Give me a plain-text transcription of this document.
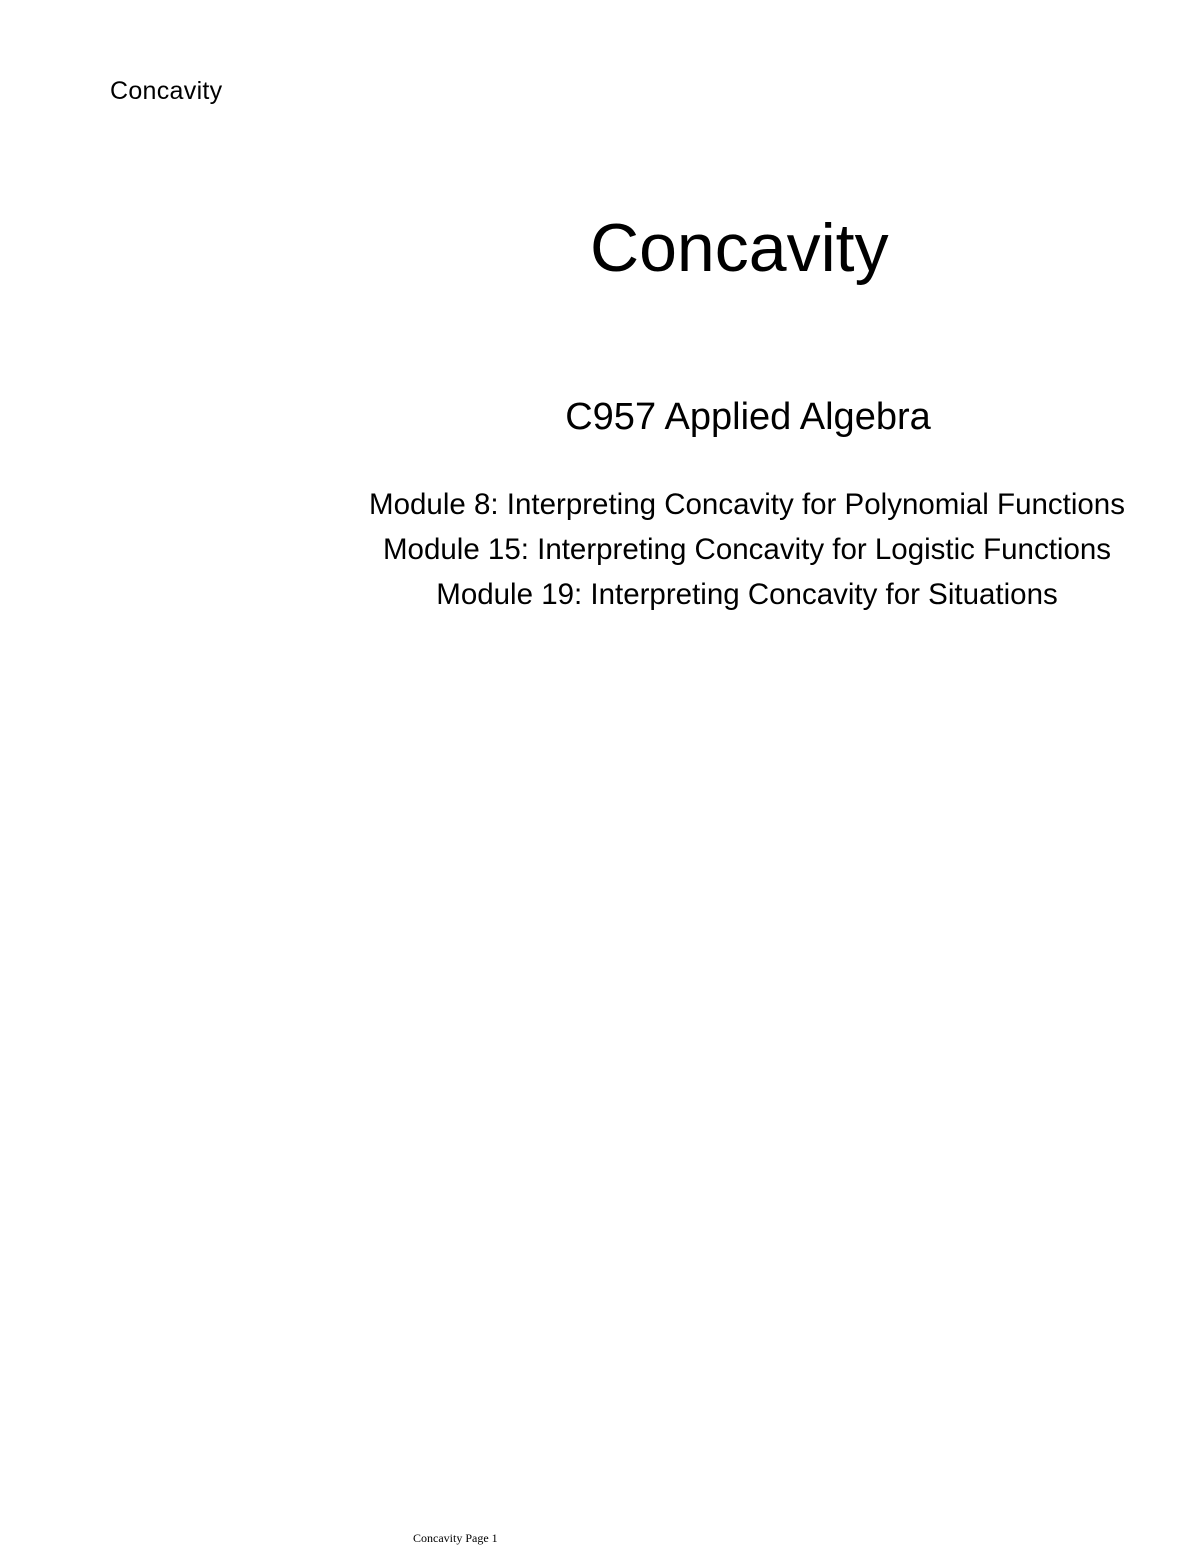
Concavity
Concavity
C957 Applied Algebra
Module 8: Interpreting Concavity for Polynomial Functions
Module 15: Interpreting Concavity for Logistic Functions
Module 19: Interpreting Concavity for Situations
Concavity Page 1
